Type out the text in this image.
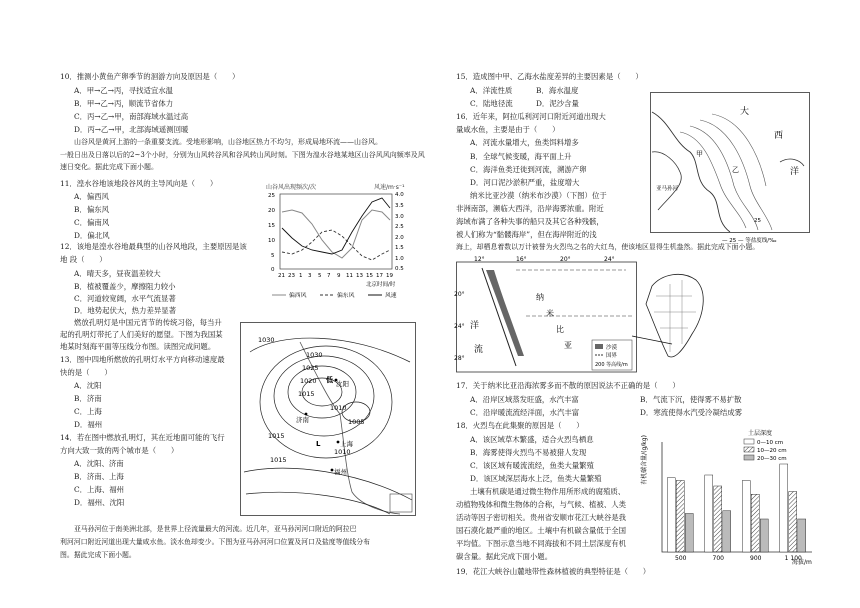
10．推测小黄鱼产卵季节的洄游方向及原因是（　　）
A．甲→乙→丙，寻找适宜水温
B．甲→乙→丙，顺流节省体力
C．丙→乙→甲，南部海域水温过高
D．丙→乙→甲，北部海域遥测回暖
山谷风是黄河上游的一条重要支流。受地形影响，山谷地区热力不均匀，形成局地环流——山谷风。
一般日出及日落以后的2~3个小时，分别为山风转谷风和谷风转山风时刻。下图为湟水谷地某地区山谷风风向频率及风速日变化。据此完成下面小题。
11．湟水谷地该地段谷风的主导风向是（　　）
A．偏西风
B．偏东风
C．偏南风
D．偏北风
12．该地是湟水谷地最典型的山谷风地段，主要原因是该
地 段（　　）
A．晴天多，昼夜温差较大
B．植被覆盖少，摩擦阻力较小
C．河道较宽阔，水平气流显著
D．地势起伏大，热力差异显著
燃放孔明灯是中国元宵节的传统习俗，每当升
起的孔明灯带托了人们美好的愿望。下图为我国某
地某时刻海平面等压线分布图。读图完成问题。
13．图中四地所燃放的孔明灯水平方向移动速度最
快的是（　　）
A．沈阳
B．济南
C．上海
D．福州
14．若在图中燃放孔明灯，其在近地面可能的飞行
方向大致一致的两个城市是（　　）
A．沈阳、济南
B．济南、上海
C．上海、福州
D．福州、沈阳
亚马孙河位于南美洲北部，是世界上径流量最大的河流。近几年，亚马孙河河口附近的阿拉巴
利河河口附近河道出现大量咸水鱼。淡水鱼却变少。下图为亚马孙河河口位置及河口及盐度等值线分布
图。据此完成下面小题。
山谷风出现频次/次	风速/m·s⁻¹
25
20
15
10
5
0
4.0
3.5
3.0
2.5
2.0
1.5
1.0
0.5
21 23 1 3 5 7 9 11 13 15 17 19
北京时间/时
偏西风	偏东风	风速
1030
1030
1025
1020
1015
1010
1005
1015
1010
1015
低
L
沈阳
济南
上海
福州
15．造成图中甲、乙海水盐度差异的主要因素是（　　）
A．洋流性质	B．海水温度
C．陆地径流	D．泥沙含量
16．近年来，阿拉瓜利河河口附近河道出现大
量咸水鱼，主要是由于（　　）
A．河流水量增大，鱼类饵料增多
B．全球气候变暖，海平面上升
C．海洋鱼类迁徙到河流，溯游产卵
D．河口泥沙淤积严重，盐度增大
纳米比亚沙漠（纳米布沙漠）（下图）位于
非洲南部，濒临大西洋，沿岸海雾浓重。附近
海域布满了各种失事的船只及其它各种残骸，
被人们称为“骷髅海岸”，但在海岸附近的浅
海上，却栖息着数以万计被誉为火烈鸟之名的大红鸟，使该地区显得生机盎然。据此完成下面小题。
大
西
洋
甲
乙
亚马孙河
25
— 25 — 等盐度线/‰
12°	16°	20°	24°
20°
24°
28°
洋
流
纳
米
比
亚	沙漠
国界
200 等高线/m
17．关于纳米比亚沿海浓雾多而不散的原因说法不正确的是（　　）
A．沿岸区域蒸发旺盛，水汽丰富	B．气流下沉，使得雾不易扩散
C．沿岸暖流流经洋面，水汽丰富	D．寒流使得水汽受冷凝结成雾
18．火烈鸟在此集聚的原因是（　　）
A．该区域草木繁盛，适合火烈鸟栖息
B．海雾使得火烈鸟不易被猎人发现
C．该区域有暖流流经，鱼类大量繁殖
D．该区域深层海水上泛，鱼类大量繁殖
土壤有机碳是通过微生物作用所形成的腐殖质、
动植物残体和微生物体的合称，与气候、植被、人类
活动等因子密切相关。贵州省安顺市花江大峡谷是我
国石漠化最严重的地区。土壤中有机碳含量低于全国
平均值。下图示意当地不同海拔和不同土层深度有机
碳含量。据此完成下面小题。
19．花江大峡谷山麓地带性森林植被的典型特征是（　　）
有机碳含量/(g/kg)
500	700	900	1 100
土层深度
0—10 cm
10—20 cm
20—30 cm
海拔/m
